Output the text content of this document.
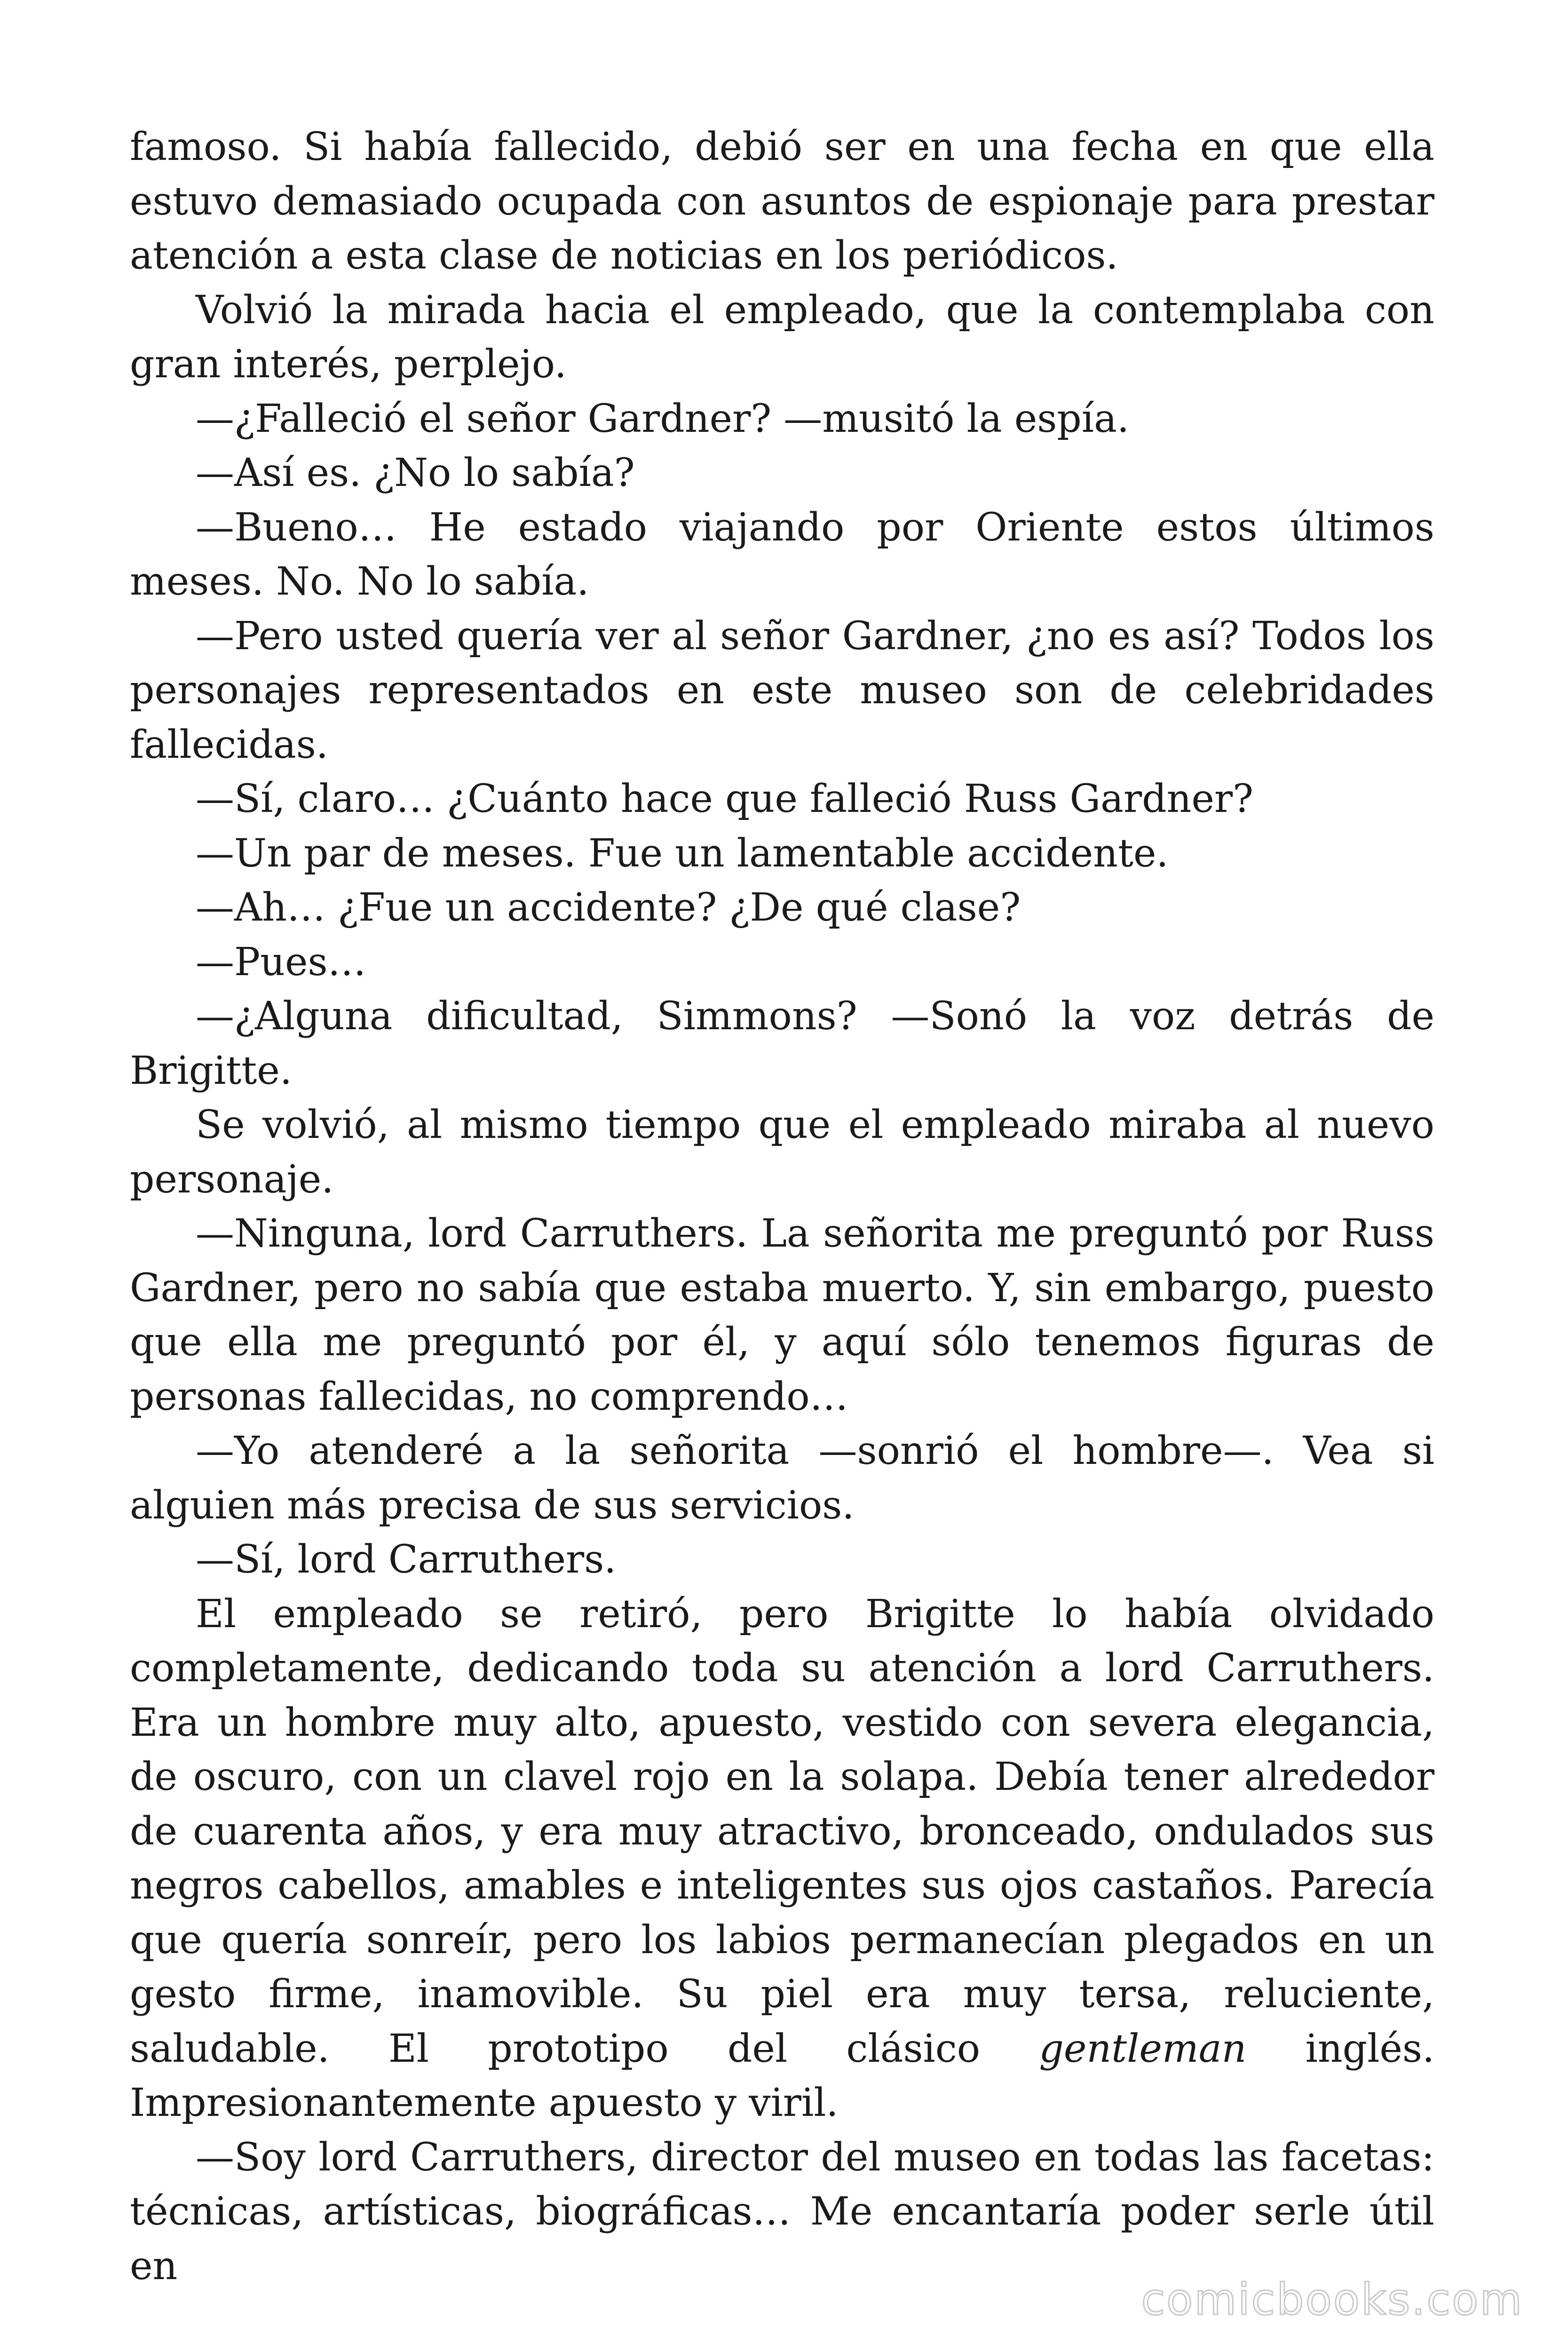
famoso. Si había fallecido, debió ser en una fecha en que ella estuvo demasiado ocupada con asuntos de espionaje para prestar atención a esta clase de noticias en los periódicos.

Volvió la mirada hacia el empleado, que la contemplaba con gran interés, perplejo.

—¿Falleció el señor Gardner? —musitó la espía.

—Así es. ¿No lo sabía?

—Bueno… He estado viajando por Oriente estos últimos meses. No. No lo sabía.

—Pero usted quería ver al señor Gardner, ¿no es así? Todos los personajes representados en este museo son de celebridades fallecidas.

—Sí, claro… ¿Cuánto hace que falleció Russ Gardner?

—Un par de meses. Fue un lamentable accidente.

—Ah… ¿Fue un accidente? ¿De qué clase?

—Pues…

—¿Alguna dificultad, Simmons? —Sonó la voz detrás de Brigitte.

Se volvió, al mismo tiempo que el empleado miraba al nuevo personaje.

—Ninguna, lord Carruthers. La señorita me preguntó por Russ Gardner, pero no sabía que estaba muerto. Y, sin embargo, puesto que ella me preguntó por él, y aquí sólo tenemos figuras de personas fallecidas, no comprendo…

—Yo atenderé a la señorita —sonrió el hombre—. Vea si alguien más precisa de sus servicios.

—Sí, lord Carruthers.

El empleado se retiró, pero Brigitte lo había olvidado completamente, dedicando toda su atención a lord Carruthers. Era un hombre muy alto, apuesto, vestido con severa elegancia, de oscuro, con un clavel rojo en la solapa. Debía tener alrededor de cuarenta años, y era muy atractivo, bronceado, ondulados sus negros cabellos, amables e inteligentes sus ojos castaños. Parecía que quería sonreír, pero los labios permanecían plegados en un gesto firme, inamovible. Su piel era muy tersa, reluciente, saludable. El prototipo del clásico gentleman inglés. Impresionantemente apuesto y viril.

—Soy lord Carruthers, director del museo en todas las facetas: técnicas, artísticas, biográficas… Me encantaría poder serle útil en

comicbooks.com
